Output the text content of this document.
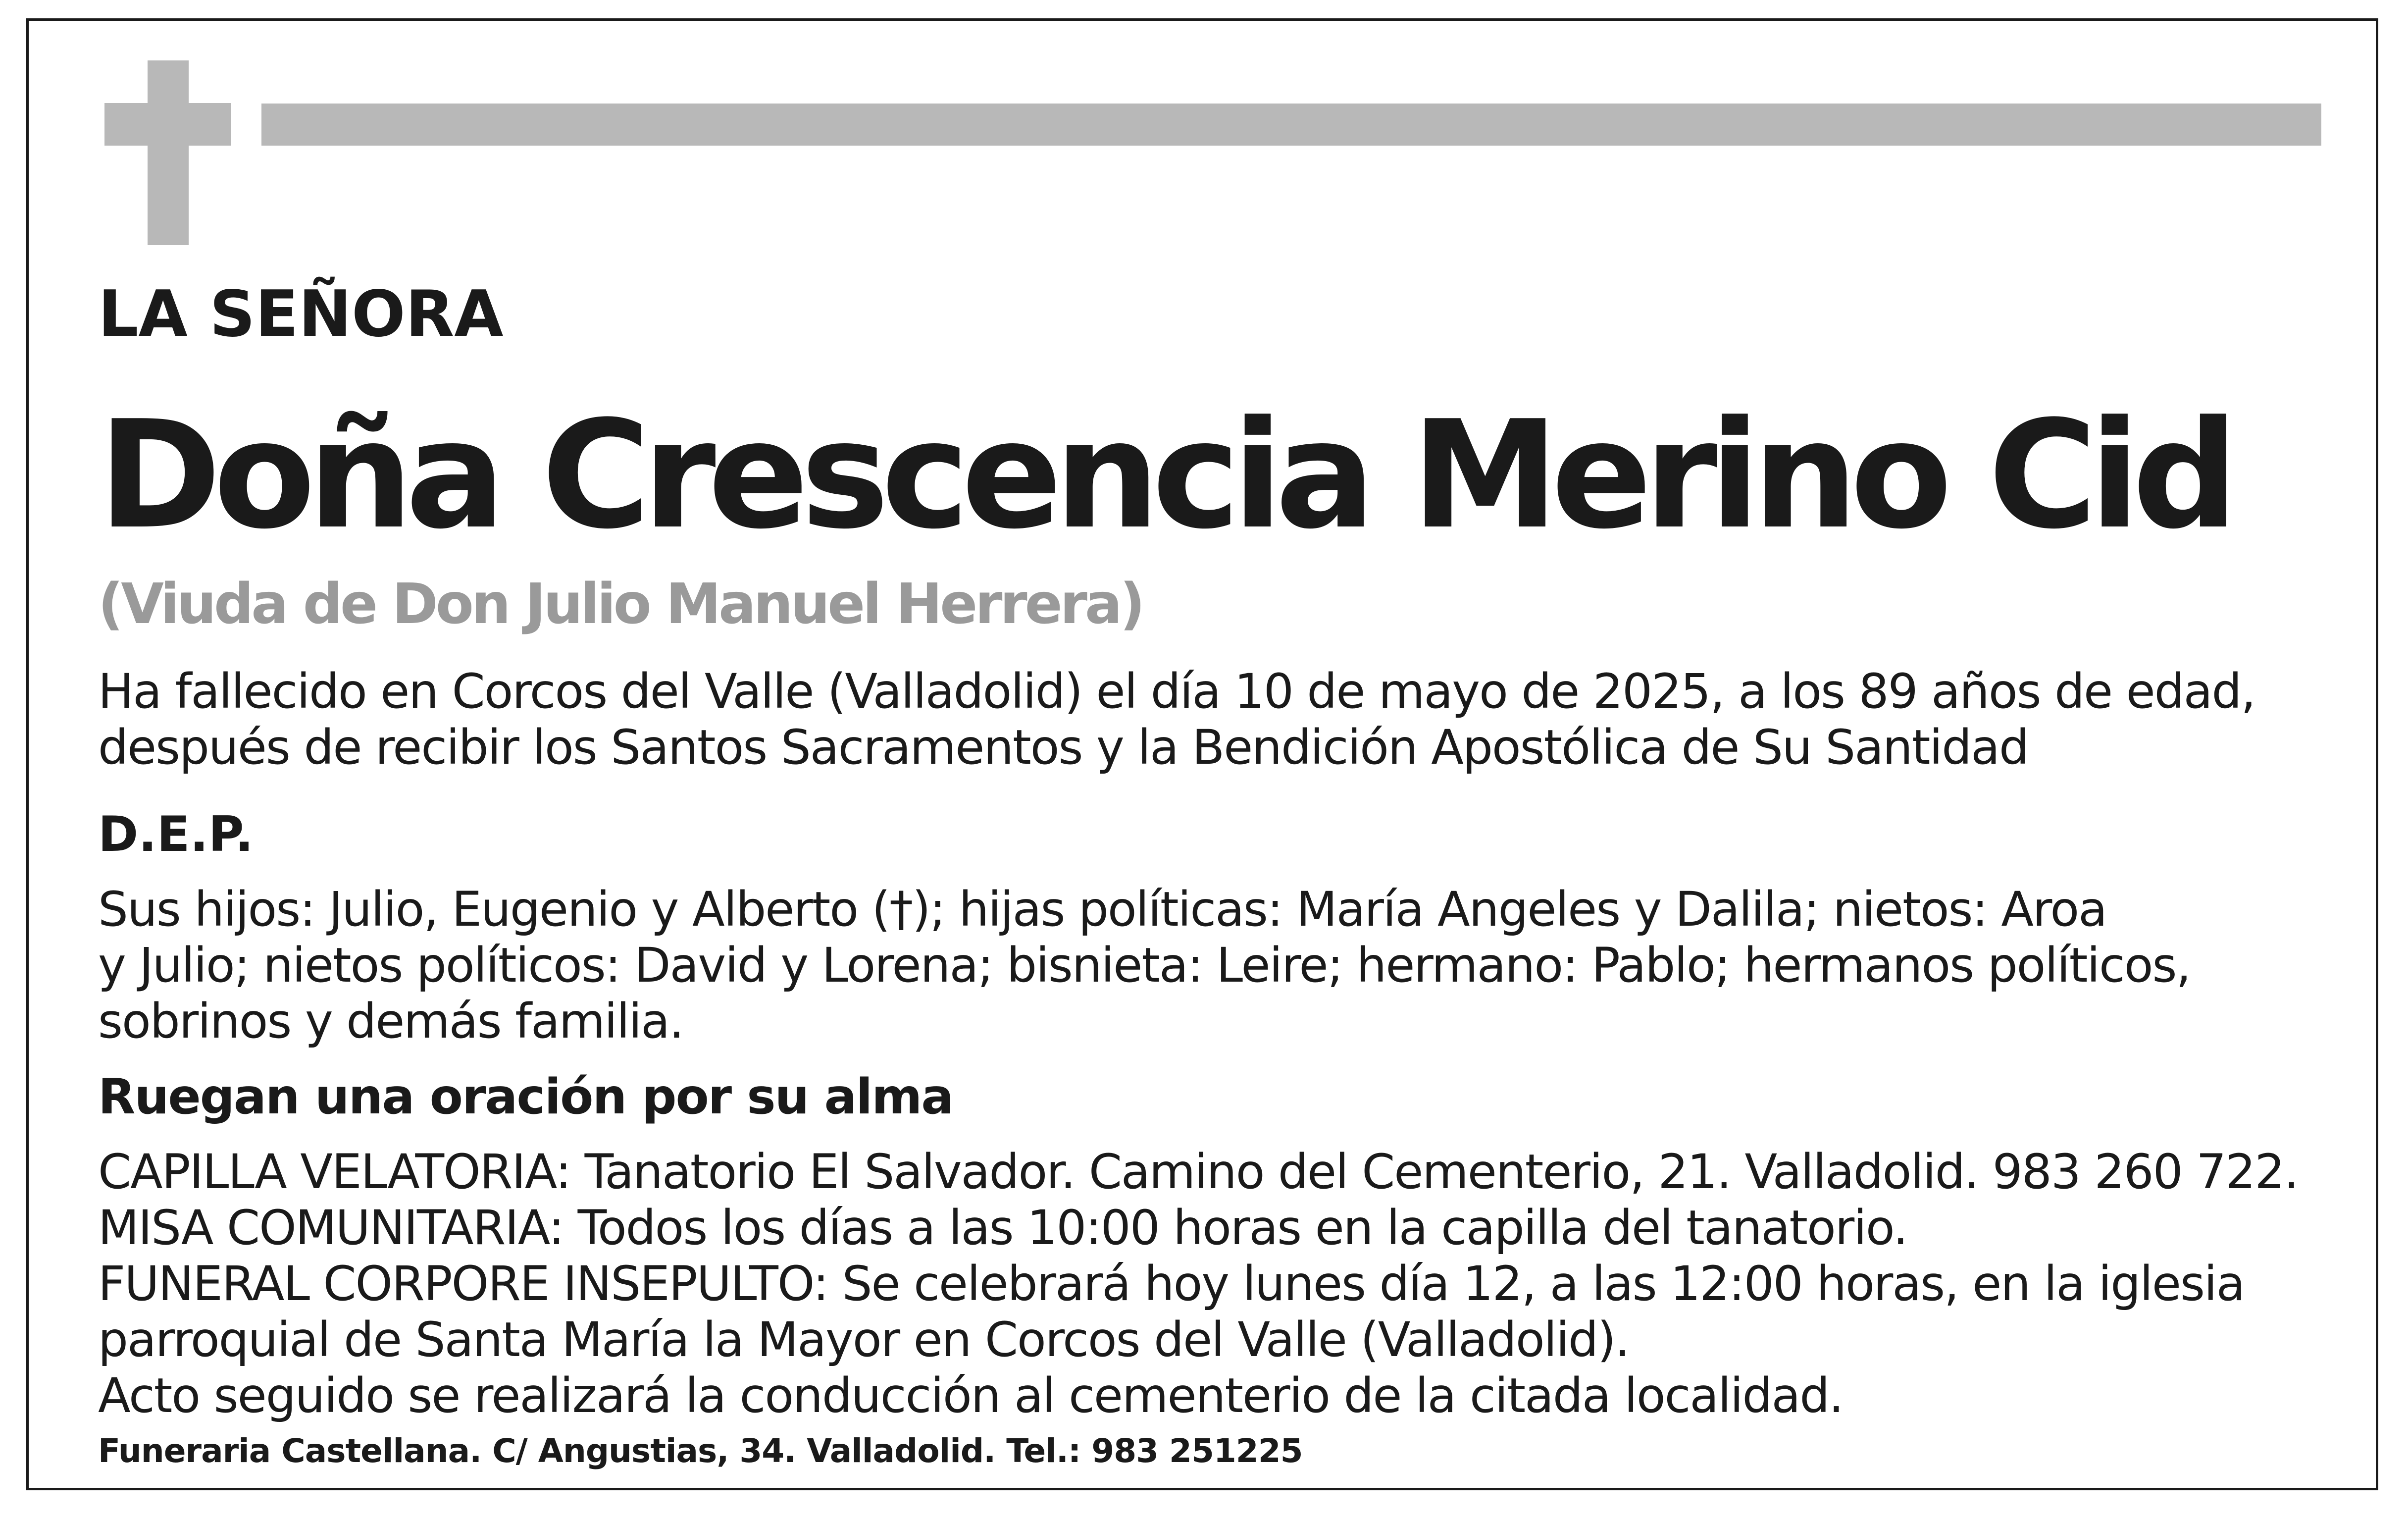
LA SEÑORA
Doña Crescencia Merino Cid
(Viuda de Don Julio Manuel Herrera)
Ha fallecido en Corcos del Valle (Valladolid) el día 10 de mayo de 2025, a los 89 años de edad,
después de recibir los Santos Sacramentos y la Bendición Apostólica de Su Santidad
D.E.P.
Sus hijos: Julio, Eugenio y Alberto (†); hijas políticas: María Angeles y Dalila; nietos: Aroa
y Julio; nietos políticos: David y Lorena; bisnieta: Leire; hermano: Pablo; hermanos políticos,
sobrinos y demás familia.
Ruegan una oración por su alma
CAPILLA VELATORIA: Tanatorio El Salvador. Camino del Cementerio, 21. Valladolid. 983 260 722.
MISA COMUNITARIA: Todos los días a las 10:00 horas en la capilla del tanatorio.
FUNERAL CORPORE INSEPULTO: Se celebrará hoy lunes día 12, a las 12:00 horas, en la iglesia
parroquial de Santa María la Mayor en Corcos del Valle (Valladolid).
Acto seguido se realizará la conducción al cementerio de la citada localidad.
Funeraria Castellana. C/ Angustias, 34. Valladolid. Tel.: 983 251225
